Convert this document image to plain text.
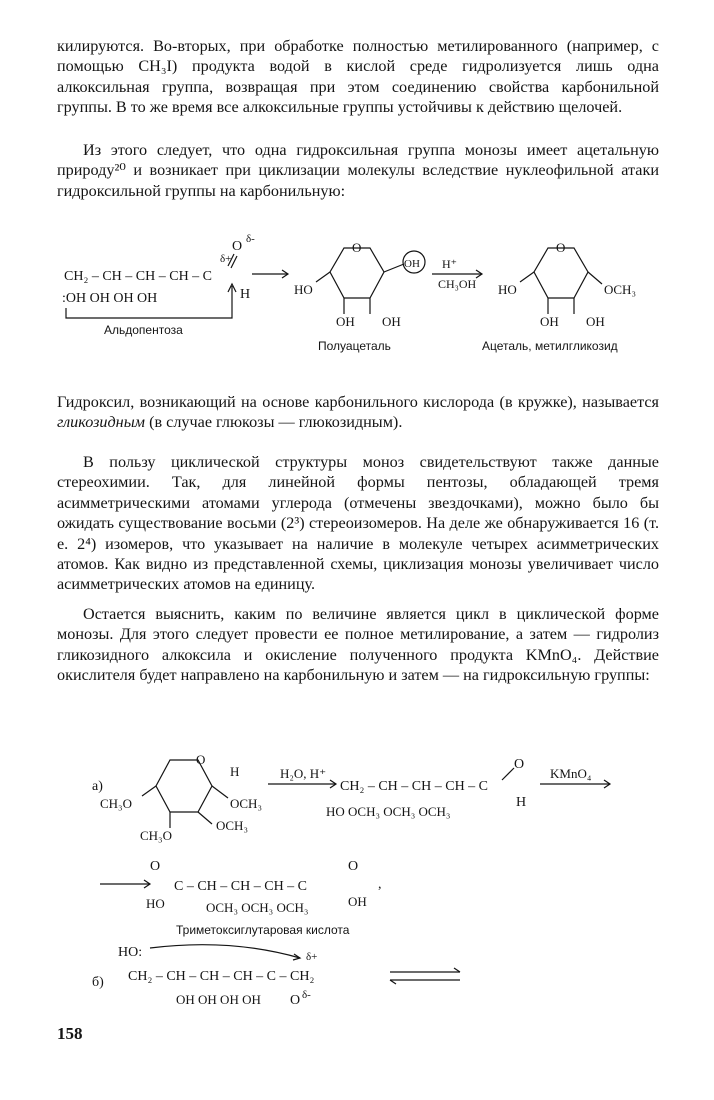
килируются. Во-вторых, при обработке полностью метилированного (например, с помощью CH₃I) продукта водой в кислой среде гидролизуется лишь одна алкоксильная группа, возвращая при этом соединению свойства карбонильной группы. В то же время все алкоксильные группы устойчивы к действию щелочей.

Из этого следует, что одна гидроксильная группа монозы имеет ацетальную природу²⁰ и возникает при циклизации молекулы вследствие нуклеофильной атаки гидроксильной группы на карбонильную:

CH₂ – CH – CH – CH – C
:OH OH OH OH
O δ-
δ+
H
Альдопентоза
O
HO
OH
OH OH
H⁺
CH₃OH
Полуацеталь
O
HO	OCH₃
OH OH
Ацеталь, метилгликозид

Гидроксил, возникающий на основе карбонильного кислорода (в кружке), называется гликозидным (в случае глюкозы — глюкозидным).

В пользу циклической структуры моноз свидетельствуют также данные стереохимии. Так, для линейной формы пентозы, обладающей тремя асимметрическими атомами углерода (отмечены звездочками), можно было бы ожидать существование восьми (2³) стереоизомеров. На деле же обнаруживается 16 (т. е. 2⁴) изомеров, что указывает на наличие в молекуле четырех асимметрических атомов. Как видно из представленной схемы, циклизация монозы увеличивает число асимметрических атомов на единицу.

Остается выяснить, каким по величине является цикл в циклической форме монозы. Для этого следует провести ее полное метилирование, а затем — гидролиз гликозидного алкоксила и окисление полученного продукта KMnO₄. Действие окислителя будет направлено на карбонильную и затем — на гидроксильную группы:

а)
б)
O
CH₃O	OCH₃
CH₃O
OCH₃
H	H₂O, H⁺
CH₂ – CH – CH – CH – C
HO OCH₃ OCH₃ OCH₃
O
H
KMnO₄
O
C – CH – CH – CH – C
HO	OCH₃ OCH₃ OCH₃
O
OH
,
Триметоксиглутаровая кислота
HO:	δ+
CH₂ – CH – CH – CH – C – CH₂
OH OH OH OH O δ-
158
